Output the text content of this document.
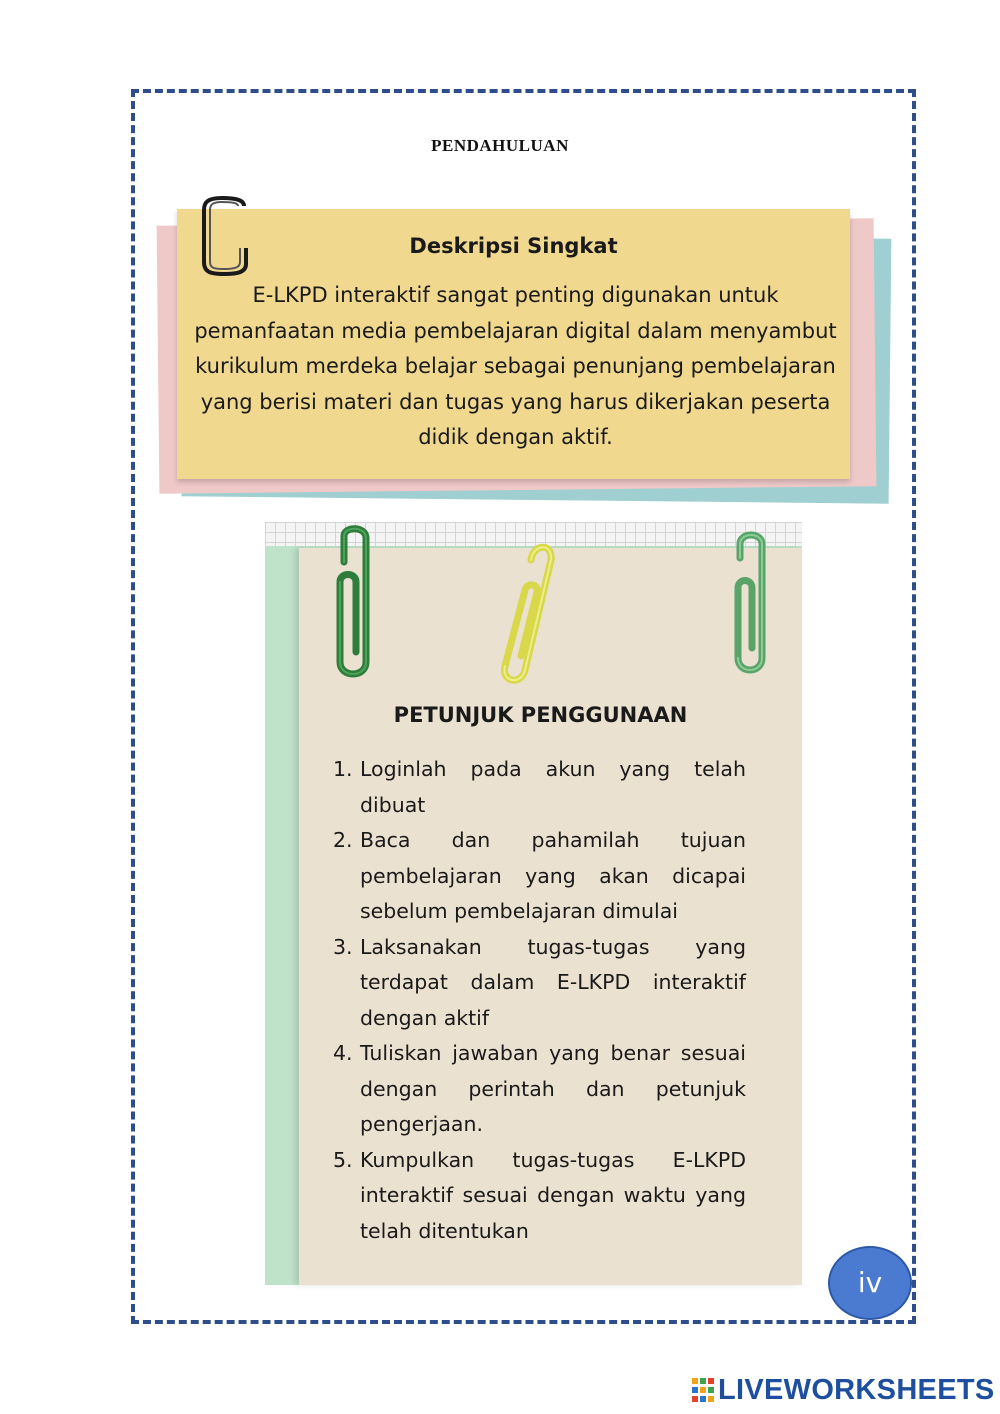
PENDAHULUAN
Deskripsi Singkat
E-LKPD interaktif sangat penting digunakan untuk pemanfaatan media pembelajaran digital dalam menyambut kurikulum merdeka belajar sebagai penunjang pembelajaran yang berisi materi dan tugas yang harus dikerjakan peserta didik dengan aktif.
PETUNJUK PENGGUNAAN
1. Loginlah pada akun yang telah dibuat
2. Baca dan pahamilah tujuan pembelajaran yang akan dicapai sebelum pembelajaran dimulai
3. Laksanakan tugas-tugas yang terdapat dalam E-LKPD interaktif dengan aktif
4. Tuliskan jawaban yang benar sesuai dengan perintah dan petunjuk pengerjaan.
5. Kumpulkan tugas-tugas E-LKPD interaktif sesuai dengan waktu yang telah ditentukan
iv
LIVEWORKSHEETS
